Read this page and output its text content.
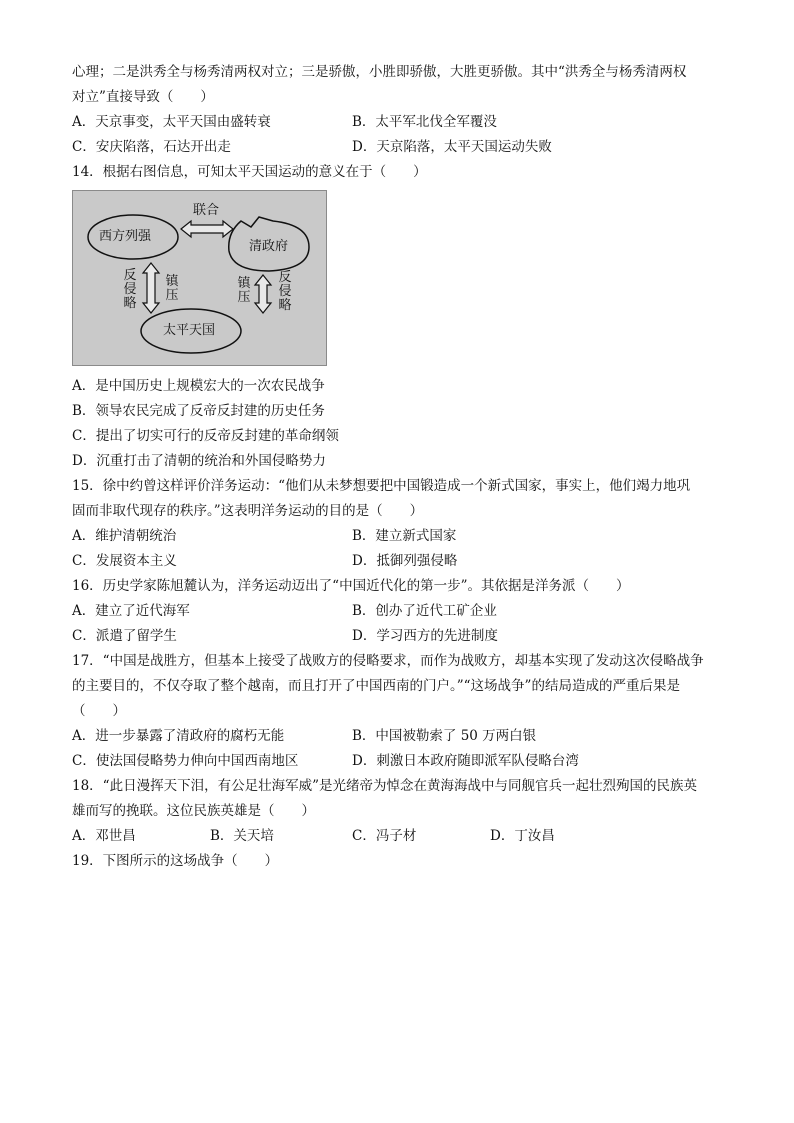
心理；二是洪秀全与杨秀清两权对立；三是骄傲，小胜即骄傲，大胜更骄傲。其中“洪秀全与杨秀清两权
对立”直接导致（　　）
A．天京事变，太平天国由盛转衰	B．太平军北伐全军覆没
C．安庆陷落，石达开出走	D．天京陷落，太平天国运动失败
14．根据右图信息，可知太平天国运动的意义在于（　　）
西方列强
清政府
太平天国
联合
反侵略
镇压
镇压
反侵略
A．是中国历史上规模宏大的一次农民战争
B．领导农民完成了反帝反封建的历史任务
C．提出了切实可行的反帝反封建的革命纲领
D．沉重打击了清朝的统治和外国侵略势力
15．徐中约曾这样评价洋务运动：“他们从未梦想要把中国锻造成一个新式国家，事实上，他们竭力地巩
固而非取代现存的秩序。”这表明洋务运动的目的是（　　）
A．维护清朝统治	B．建立新式国家
C．发展资本主义	D．抵御列强侵略
16．历史学家陈旭麓认为，洋务运动迈出了“中国近代化的第一步”。其依据是洋务派（　　）
A．建立了近代海军	B．创办了近代工矿企业
C．派遣了留学生	D．学习西方的先进制度
17．“中国是战胜方，但基本上接受了战败方的侵略要求，而作为战败方，却基本实现了发动这次侵略战争
的主要目的，不仅夺取了整个越南，而且打开了中国西南的门户。”“这场战争”的结局造成的严重后果是
（　　）
A．进一步暴露了清政府的腐朽无能	B．中国被勒索了 50 万两白银
C．使法国侵略势力伸向中国西南地区	D．刺激日本政府随即派军队侵略台湾
18．“此日漫挥天下泪，有公足壮海军威”是光绪帝为悼念在黄海海战中与同舰官兵一起壮烈殉国的民族英
雄而写的挽联。这位民族英雄是（　　）
A．邓世昌	B．关天培	C．冯子材	D．丁汝昌
19．下图所示的这场战争（　　）
